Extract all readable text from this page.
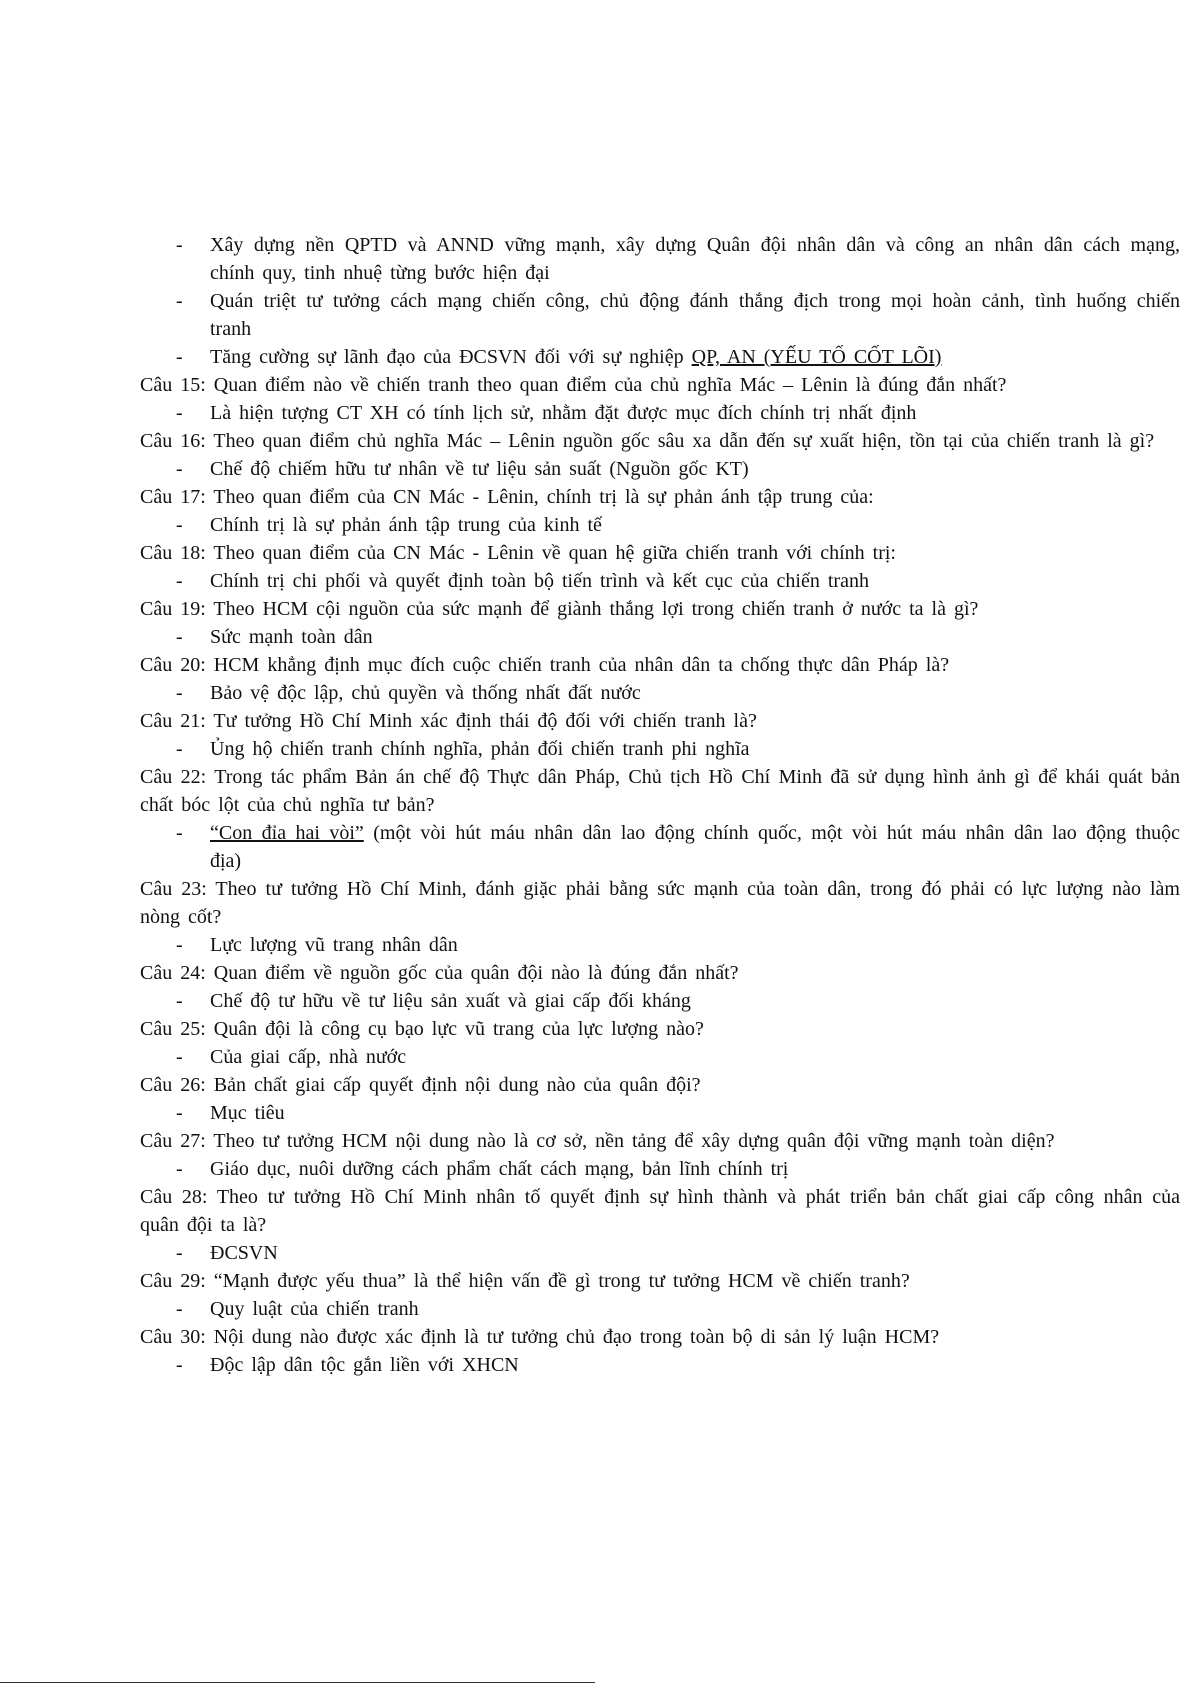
- Xây dựng nền QPTD và ANND vững mạnh, xây dựng Quân đội nhân dân và công an nhân dân cách mạng, chính quy, tinh nhuệ từng bước hiện đại
- Quán triệt tư tưởng cách mạng chiến công, chủ động đánh thắng địch trong mọi hoàn cảnh, tình huống chiến tranh
- Tăng cường sự lãnh đạo của ĐCSVN đối với sự nghiệp QP, AN (YẾU TỐ CỐT LÕI)
Câu 15: Quan điểm nào về chiến tranh theo quan điểm của chủ nghĩa Mác – Lênin là đúng đắn nhất?
- Là hiện tượng CT XH có tính lịch sử, nhằm đặt được mục đích chính trị nhất định
Câu 16: Theo quan điểm chủ nghĩa Mác – Lênin nguồn gốc sâu xa dẫn đến sự xuất hiện, tồn tại của chiến tranh là gì?
- Chế độ chiếm hữu tư nhân về tư liệu sản suất (Nguồn gốc KT)
Câu 17: Theo quan điểm của CN Mác - Lênin, chính trị là sự phản ánh tập trung của:
- Chính trị là sự phản ánh tập trung của kinh tế
Câu 18: Theo quan điểm của CN Mác - Lênin về quan hệ giữa chiến tranh với chính trị:
- Chính trị chi phối và quyết định toàn bộ tiến trình và kết cục của chiến tranh
Câu 19: Theo HCM cội nguồn của sức mạnh để giành thắng lợi trong chiến tranh ở nước ta là gì?
- Sức mạnh toàn dân
Câu 20: HCM khẳng định mục đích cuộc chiến tranh của nhân dân ta chống thực dân Pháp là?
- Bảo vệ độc lập, chủ quyền và thống nhất đất nước
Câu 21: Tư tưởng Hồ Chí Minh xác định thái độ đối với chiến tranh là?
- Ủng hộ chiến tranh chính nghĩa, phản đối chiến tranh phi nghĩa
Câu 22: Trong tác phẩm Bản án chế độ Thực dân Pháp, Chủ tịch Hồ Chí Minh đã sử dụng hình ảnh gì để khái quát bản chất bóc lột của chủ nghĩa tư bản?
- “Con đỉa hai vòi” (một vòi hút máu nhân dân lao động chính quốc, một vòi hút máu nhân dân lao động thuộc địa)
Câu 23: Theo tư tưởng Hồ Chí Minh, đánh giặc phải bằng sức mạnh của toàn dân, trong đó phải có lực lượng nào làm nòng cốt?
- Lực lượng vũ trang nhân dân
Câu 24: Quan điểm về nguồn gốc của quân đội nào là đúng đắn nhất?
- Chế độ tư hữu về tư liệu sản xuất và giai cấp đối kháng
Câu 25: Quân đội là công cụ bạo lực vũ trang của lực lượng nào?
- Của giai cấp, nhà nước
Câu 26: Bản chất giai cấp quyết định nội dung nào của quân đội?
- Mục tiêu
Câu 27: Theo tư tưởng HCM nội dung nào là cơ sở, nền tảng để xây dựng quân đội vững mạnh toàn diện?
- Giáo dục, nuôi dưỡng cách phẩm chất cách mạng, bản lĩnh chính trị
Câu 28: Theo tư tưởng Hồ Chí Minh nhân tố quyết định sự hình thành và phát triển bản chất giai cấp công nhân của quân đội ta là?
- ĐCSVN
Câu 29: “Mạnh được yếu thua” là thể hiện vấn đề gì trong tư tưởng HCM về chiến tranh?
- Quy luật của chiến tranh
Câu 30: Nội dung nào được xác định là tư tưởng chủ đạo trong toàn bộ di sản lý luận HCM?
- Độc lập dân tộc gắn liền với XHCN
